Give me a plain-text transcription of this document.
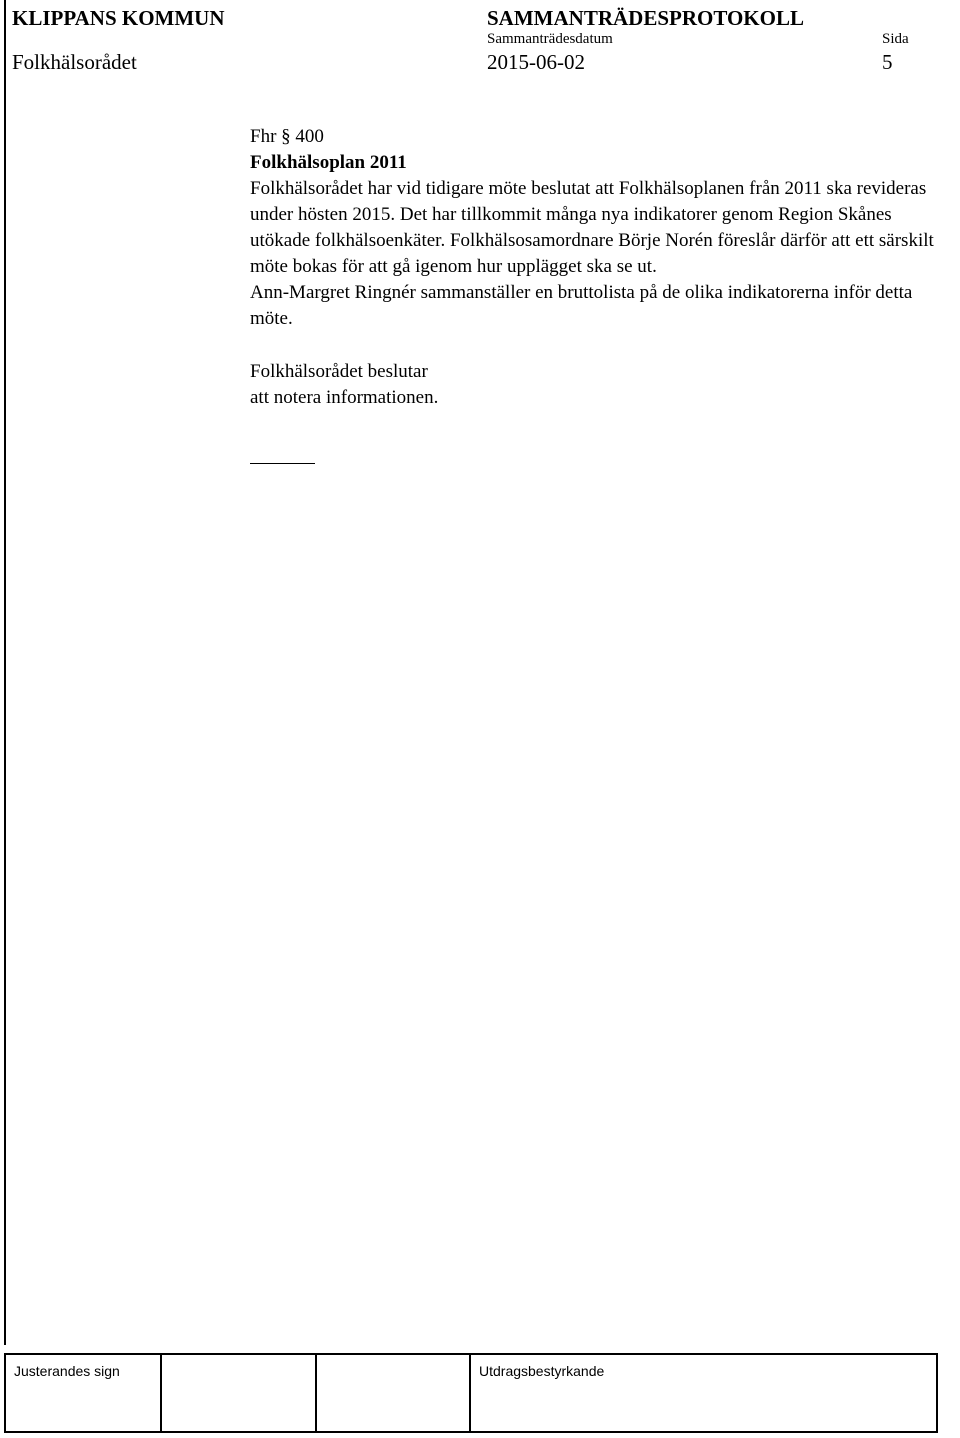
KLIPPANS KOMMUN	SAMMANTRÄDESPROTOKOLL
Sammanträdesdatum	Sida
Folkhälsorådet	2015-06-02	5

Fhr § 400

Folkhälsoplan 2011

Folkhälsorådet har vid tidigare möte beslutat att Folkhälsoplanen från 2011 ska revideras under hösten 2015. Det har tillkommit många nya indikatorer genom Region Skånes utökade folkhälsoenkäter. Folkhälsosamordnare Börje Norén föreslår därför att ett särskilt möte bokas för att gå igenom hur upplägget ska se ut.

Ann-Margret Ringnér sammanställer en bruttolista på de olika indikatorerna inför detta möte.

Folkhälsorådet beslutar

att notera informationen.

Justerandes sign	Utdragsbestyrkande
